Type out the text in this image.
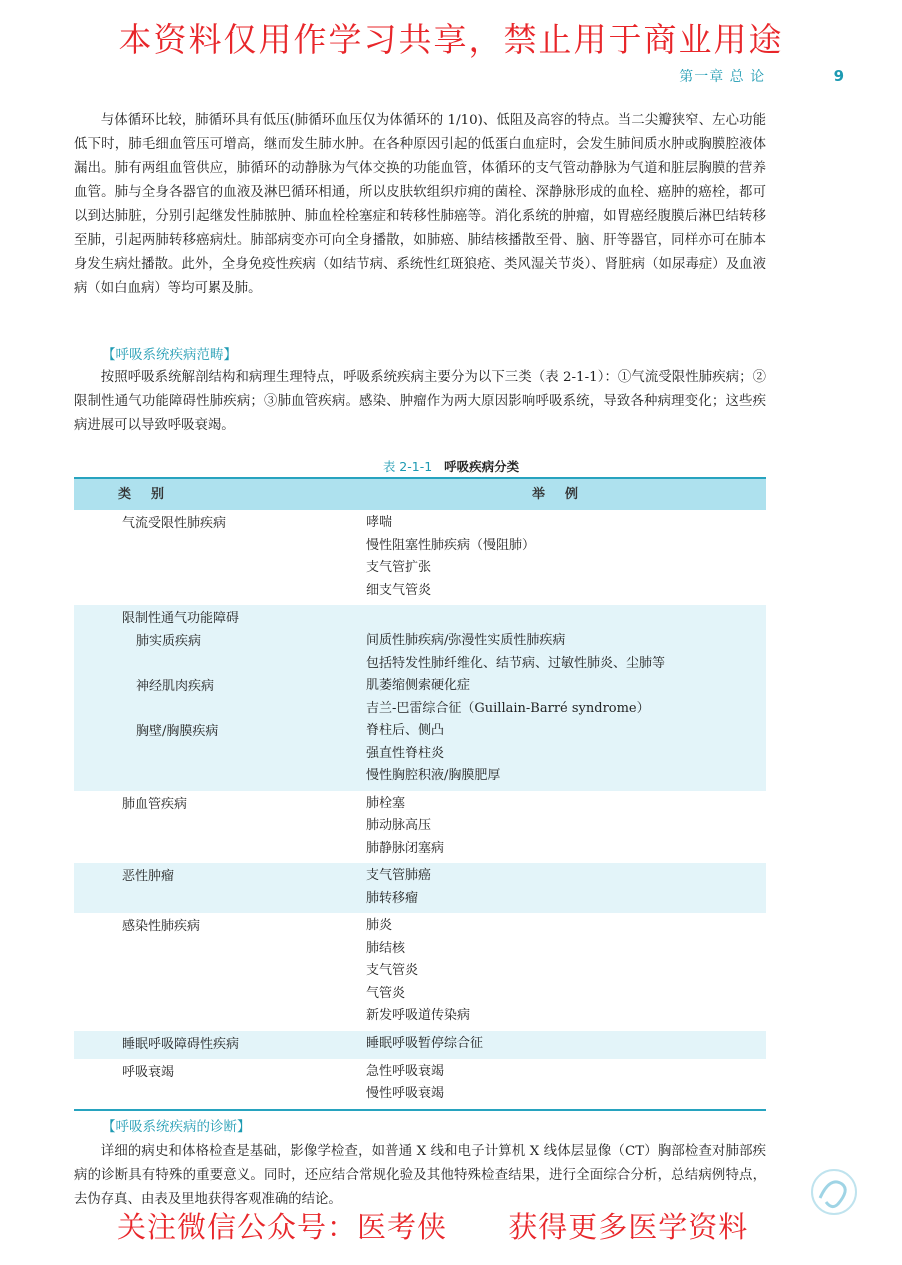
本资料仅用作学习共享，禁止用于商业用途
第一章 总 论	9

与体循环比较，肺循环具有低压(肺循环血压仅为体循环的 1/10)、低阻及高容的特点。当二尖瓣狭窄、左心功能低下时，肺毛细血管压可增高，继而发生肺水肿。在各种原因引起的低蛋白血症时，会发生肺间质水肿或胸膜腔液体漏出。肺有两组血管供应，肺循环的动静脉为气体交换的功能血管，体循环的支气管动静脉为气道和脏层胸膜的营养血管。肺与全身各器官的血液及淋巴循环相通，所以皮肤软组织疖痈的菌栓、深静脉形成的血栓、癌肿的癌栓，都可以到达肺脏，分别引起继发性肺脓肿、肺血栓栓塞症和转移性肺癌等。消化系统的肿瘤，如胃癌经腹膜后淋巴结转移至肺，引起两肺转移癌病灶。肺部病变亦可向全身播散，如肺癌、肺结核播散至骨、脑、肝等器官，同样亦可在肺本身发生病灶播散。此外，全身免疫性疾病（如结节病、系统性红斑狼疮、类风湿关节炎）、肾脏病（如尿毒症）及血液病（如白血病）等均可累及肺。

【呼吸系统疾病范畴】

按照呼吸系统解剖结构和病理生理特点，呼吸系统疾病主要分为以下三类（表 2-1-1）：①气流受限性肺疾病；②限制性通气功能障碍性肺疾病；③肺血管疾病。感染、肿瘤作为两大原因影响呼吸系统，导致各种病理变化；这些疾病进展可以导致呼吸衰竭。

表 2-1-1 呼吸疾病分类
类别	举例
气流受限性肺疾病	哮喘
慢性阻塞性肺疾病（慢阻肺）
支气管扩张
细支气管炎
限制性通气功能障碍
肺实质疾病	间质性肺疾病/弥漫性实质性肺疾病
包括特发性肺纤维化、结节病、过敏性肺炎、尘肺等
神经肌肉疾病	肌萎缩侧索硬化症
吉兰-巴雷综合征（Guillain-Barré syndrome）
胸壁/胸膜疾病	脊柱后、侧凸
强直性脊柱炎
慢性胸腔积液/胸膜肥厚
肺血管疾病	肺栓塞
肺动脉高压
肺静脉闭塞病
恶性肿瘤	支气管肺癌
肺转移瘤
感染性肺疾病	肺炎
肺结核
支气管炎
气管炎
新发呼吸道传染病
睡眠呼吸障碍性疾病	睡眠呼吸暂停综合征
呼吸衰竭	急性呼吸衰竭
慢性呼吸衰竭
【呼吸系统疾病的诊断】

详细的病史和体格检查是基础，影像学检查，如普通 X 线和电子计算机 X 线体层显像（CT）胸部检查对肺部疾病的诊断具有特殊的重要意义。同时，还应结合常规化验及其他特殊检查结果，进行全面综合分析，总结病例特点，去伪存真、由表及里地获得客观准确的结论。

关注微信公众号：医考侠      获得更多医学资料
